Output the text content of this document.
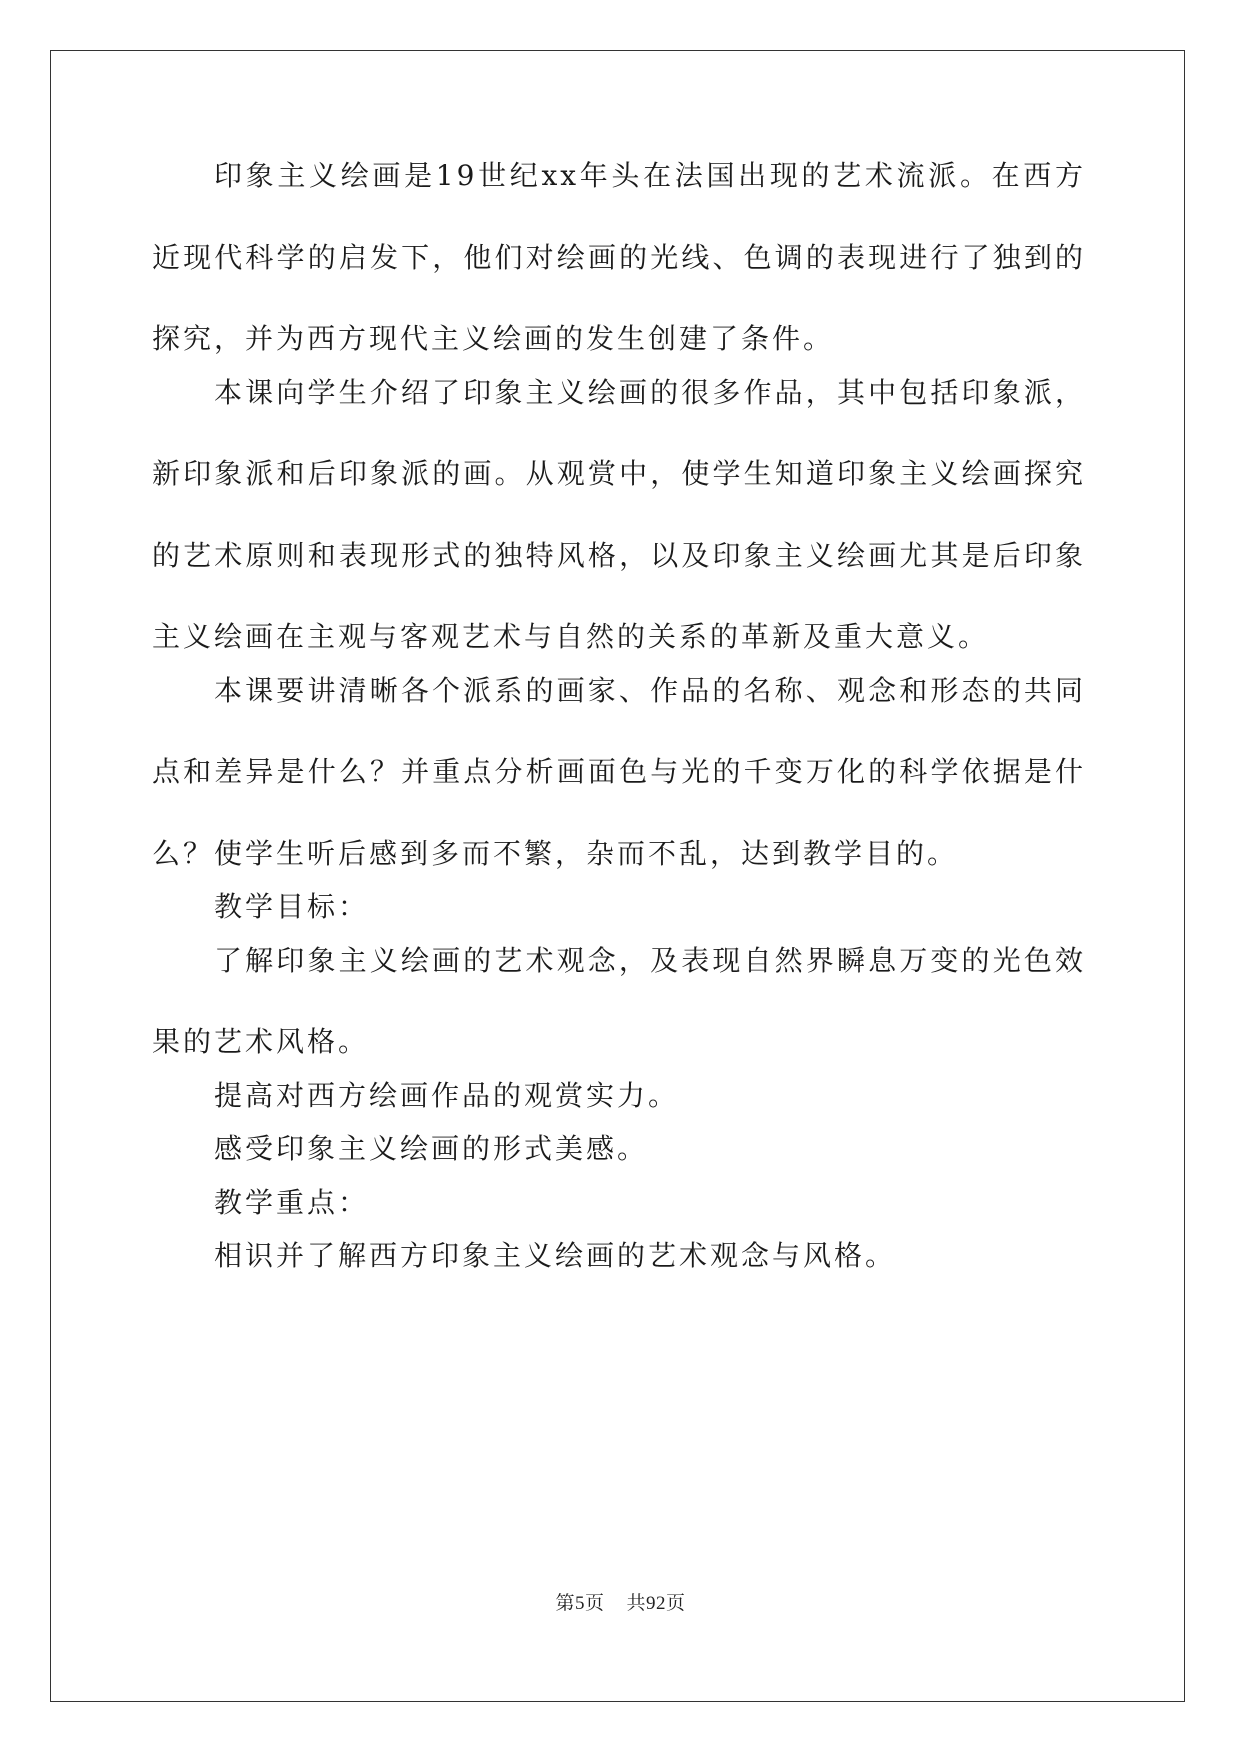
印象主义绘画是19世纪xx年头在法国出现的艺术流派。在西方近现代科学的启发下，他们对绘画的光线、色调的表现进行了独到的探究，并为西方现代主义绘画的发生创建了条件。

本课向学生介绍了印象主义绘画的很多作品，其中包括印象派，新印象派和后印象派的画。从观赏中，使学生知道印象主义绘画探究的艺术原则和表现形式的独特风格，以及印象主义绘画尤其是后印象主义绘画在主观与客观艺术与自然的关系的革新及重大意义。

本课要讲清晰各个派系的画家、作品的名称、观念和形态的共同点和差异是什么？并重点分析画面色与光的千变万化的科学依据是什么？使学生听后感到多而不繁，杂而不乱，达到教学目的。

教学目标：

了解印象主义绘画的艺术观念，及表现自然界瞬息万变的光色效果的艺术风格。

提高对西方绘画作品的观赏实力。

感受印象主义绘画的形式美感。

教学重点：

相识并了解西方印象主义绘画的艺术观念与风格。

第5页 共92页
